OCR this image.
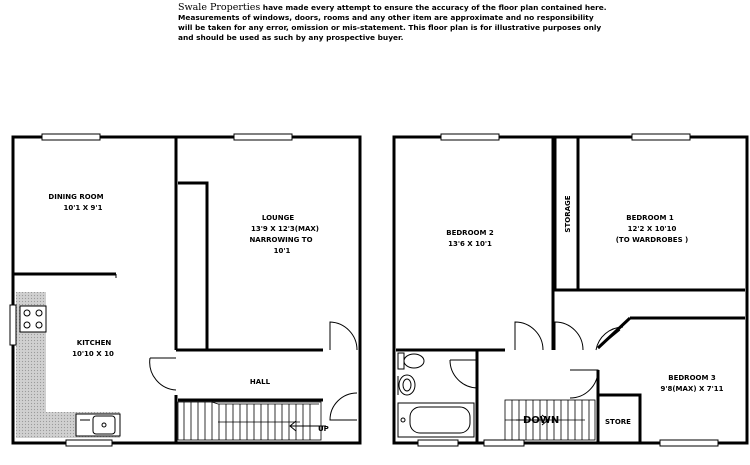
Swale Properties have made every attempt to ensure the accuracy of the floor plan contained here. Measurements of windows, doors, rooms and any other item are approximate and no responsibility will be taken for any error, omission or mis-statement. This floor plan is for illustrative purposes only and should be used as such by any prospective buyer.
UP
DINING ROOM
10'1 X 9'1
KITCHEN
10'10 X 10
LOUNGE
13'9 X 12'3(MAX)
NARROWING TO
10'1
HALL
STORAGE
DOWN
BEDROOM 2
13'6 X 10'1
BEDROOM 1
12'2 X 10'10
(TO WARDROBES )
BEDROOM 3
9'8(MAX) X 7'11
STORE
